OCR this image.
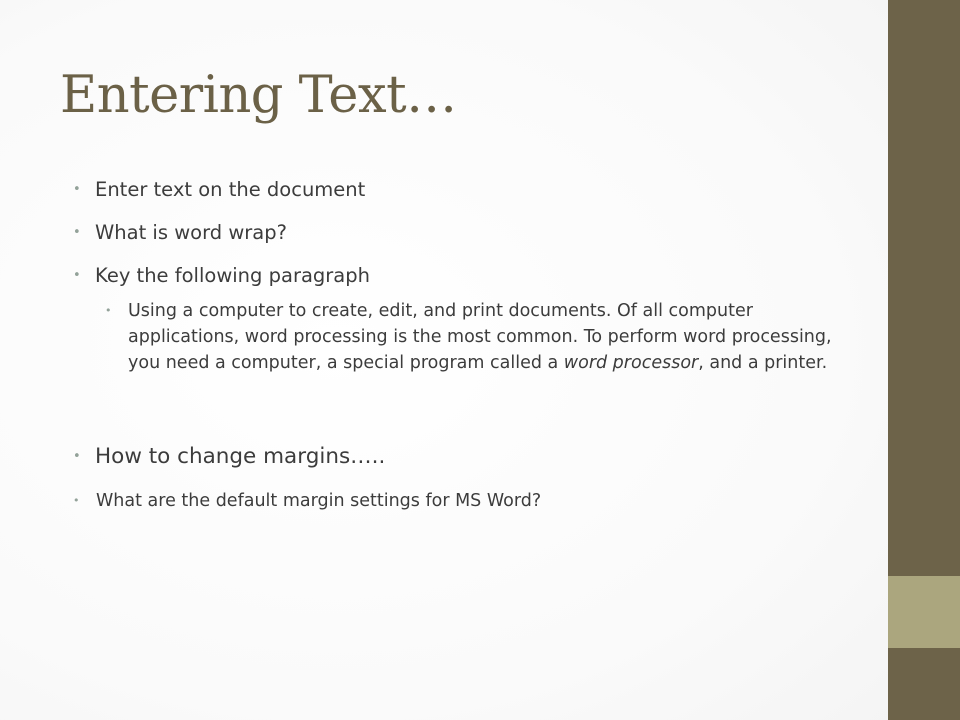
Entering Text…
• Enter text on the document
• What is word wrap?
• Key the following paragraph
• Using a computer to create, edit, and print documents. Of all computer applications, word processing is the most common. To perform word processing, you need a computer, a special program called a word processor, and a printer.
• How to change margins…..
• What are the default margin settings for MS Word?
